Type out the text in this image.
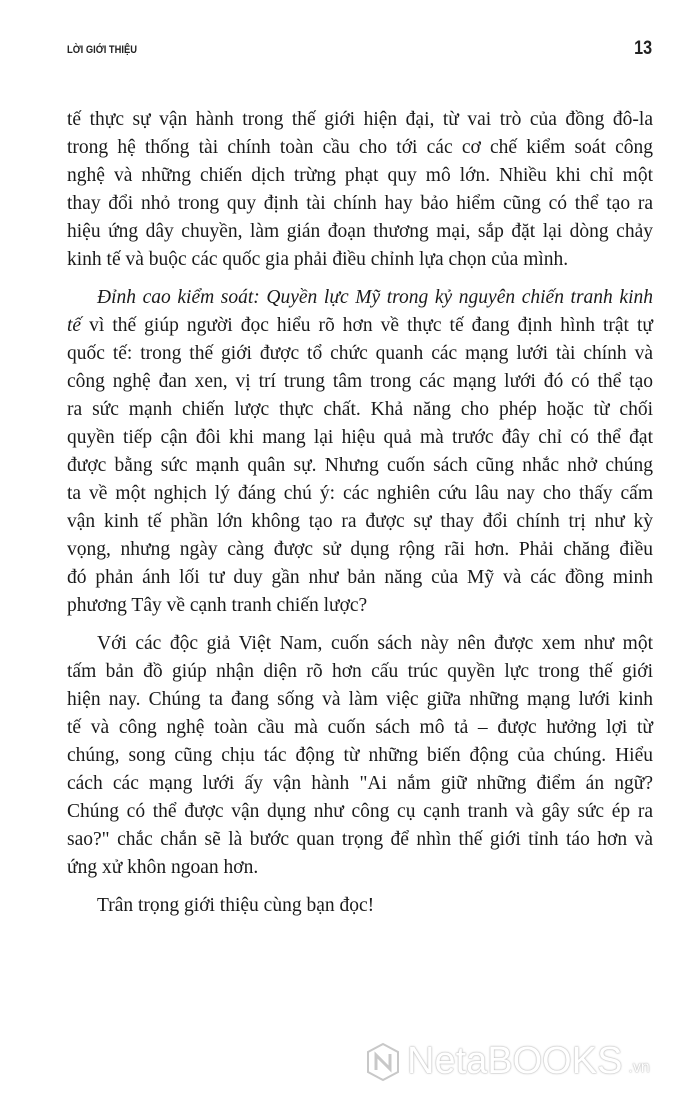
LỜI GIỚI THIỆU	13
tế thực sự vận hành trong thế giới hiện đại, từ vai trò của đồng đô-la
trong hệ thống tài chính toàn cầu cho tới các cơ chế kiểm soát công
nghệ và những chiến dịch trừng phạt quy mô lớn. Nhiều khi chỉ một
thay đổi nhỏ trong quy định tài chính hay bảo hiểm cũng có thể tạo ra
hiệu ứng dây chuyền, làm gián đoạn thương mại, sắp đặt lại dòng chảy
kinh tế và buộc các quốc gia phải điều chỉnh lựa chọn của mình.
Đỉnh cao kiểm soát: Quyền lực Mỹ trong kỷ nguyên chiến tranh kinh
tế vì thế giúp người đọc hiểu rõ hơn về thực tế đang định hình trật tự
quốc tế: trong thế giới được tổ chức quanh các mạng lưới tài chính và
công nghệ đan xen, vị trí trung tâm trong các mạng lưới đó có thể tạo
ra sức mạnh chiến lược thực chất. Khả năng cho phép hoặc từ chối
quyền tiếp cận đôi khi mang lại hiệu quả mà trước đây chỉ có thể đạt
được bằng sức mạnh quân sự. Nhưng cuốn sách cũng nhắc nhở chúng
ta về một nghịch lý đáng chú ý: các nghiên cứu lâu nay cho thấy cấm
vận kinh tế phần lớn không tạo ra được sự thay đổi chính trị như kỳ
vọng, nhưng ngày càng được sử dụng rộng rãi hơn. Phải chăng điều
đó phản ánh lối tư duy gần như bản năng của Mỹ và các đồng minh
phương Tây về cạnh tranh chiến lược?
Với các độc giả Việt Nam, cuốn sách này nên được xem như một
tấm bản đồ giúp nhận diện rõ hơn cấu trúc quyền lực trong thế giới
hiện nay. Chúng ta đang sống và làm việc giữa những mạng lưới kinh
tế và công nghệ toàn cầu mà cuốn sách mô tả – được hưởng lợi từ
chúng, song cũng chịu tác động từ những biến động của chúng. Hiểu
cách các mạng lưới ấy vận hành "Ai nắm giữ những điểm án ngữ?
Chúng có thể được vận dụng như công cụ cạnh tranh và gây sức ép ra
sao?" chắc chắn sẽ là bước quan trọng để nhìn thế giới tỉnh táo hơn và
ứng xử khôn ngoan hơn.
Trân trọng giới thiệu cùng bạn đọc!
NetaBOOKS .vn
